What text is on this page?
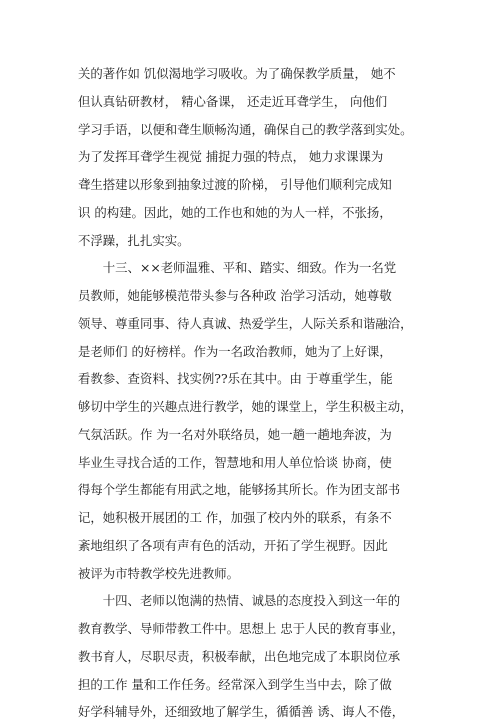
关的著作如 饥似渴地学习吸收。为了确保教学质量， 她不
但认真钻研教材， 精心备课， 还走近耳聋学生， 向他们
学习手语，以便和聋生顺畅沟通，确保自己的教学落到实处。
为了发挥耳聋学生视觉 捕捉力强的特点， 她力求课课为
聋生搭建以形象到抽象过渡的阶梯， 引导他们顺利完成知
识 的构建。因此，她的工作也和她的为人一样，不张扬，
不浮躁，扎扎实实。
　　十三、××老师温雅、平和、踏实、细致。作为一名党
员教师，她能够模范带头参与各种政 治学习活动，她尊敬
领导、尊重同事、待人真诚、热爱学生，人际关系和谐融洽，
是老师们 的好榜样。作为一名政治教师，她为了上好课，
看教参、查资料、找实例??乐在其中。由 于尊重学生，能
够切中学生的兴趣点进行教学，她的课堂上，学生积极主动，
气氛活跃。作 为一名对外联络员，她一趟一趟地奔波，为
毕业生寻找合适的工作，智慧地和用人单位恰谈 协商，使
得每个学生都能有用武之地，能够扬其所长。作为团支部书
记，她积极开展团的工 作，加强了校内外的联系，有条不
紊地组织了各项有声有色的活动，开拓了学生视野。因此
被评为市特教学校先进教师。
　　十四、老师以饱满的热情、诚恳的态度投入到这一年的
教育教学、导师带教工件中。思想上 忠于人民的教育事业，
教书育人，尽职尽责，积极奉献，出色地完成了本职岗位承
担的工作 量和工作任务。经常深入到学生当中去，除了做
好学科辅导外，还细致地了解学生，循循善 诱、诲人不倦，
